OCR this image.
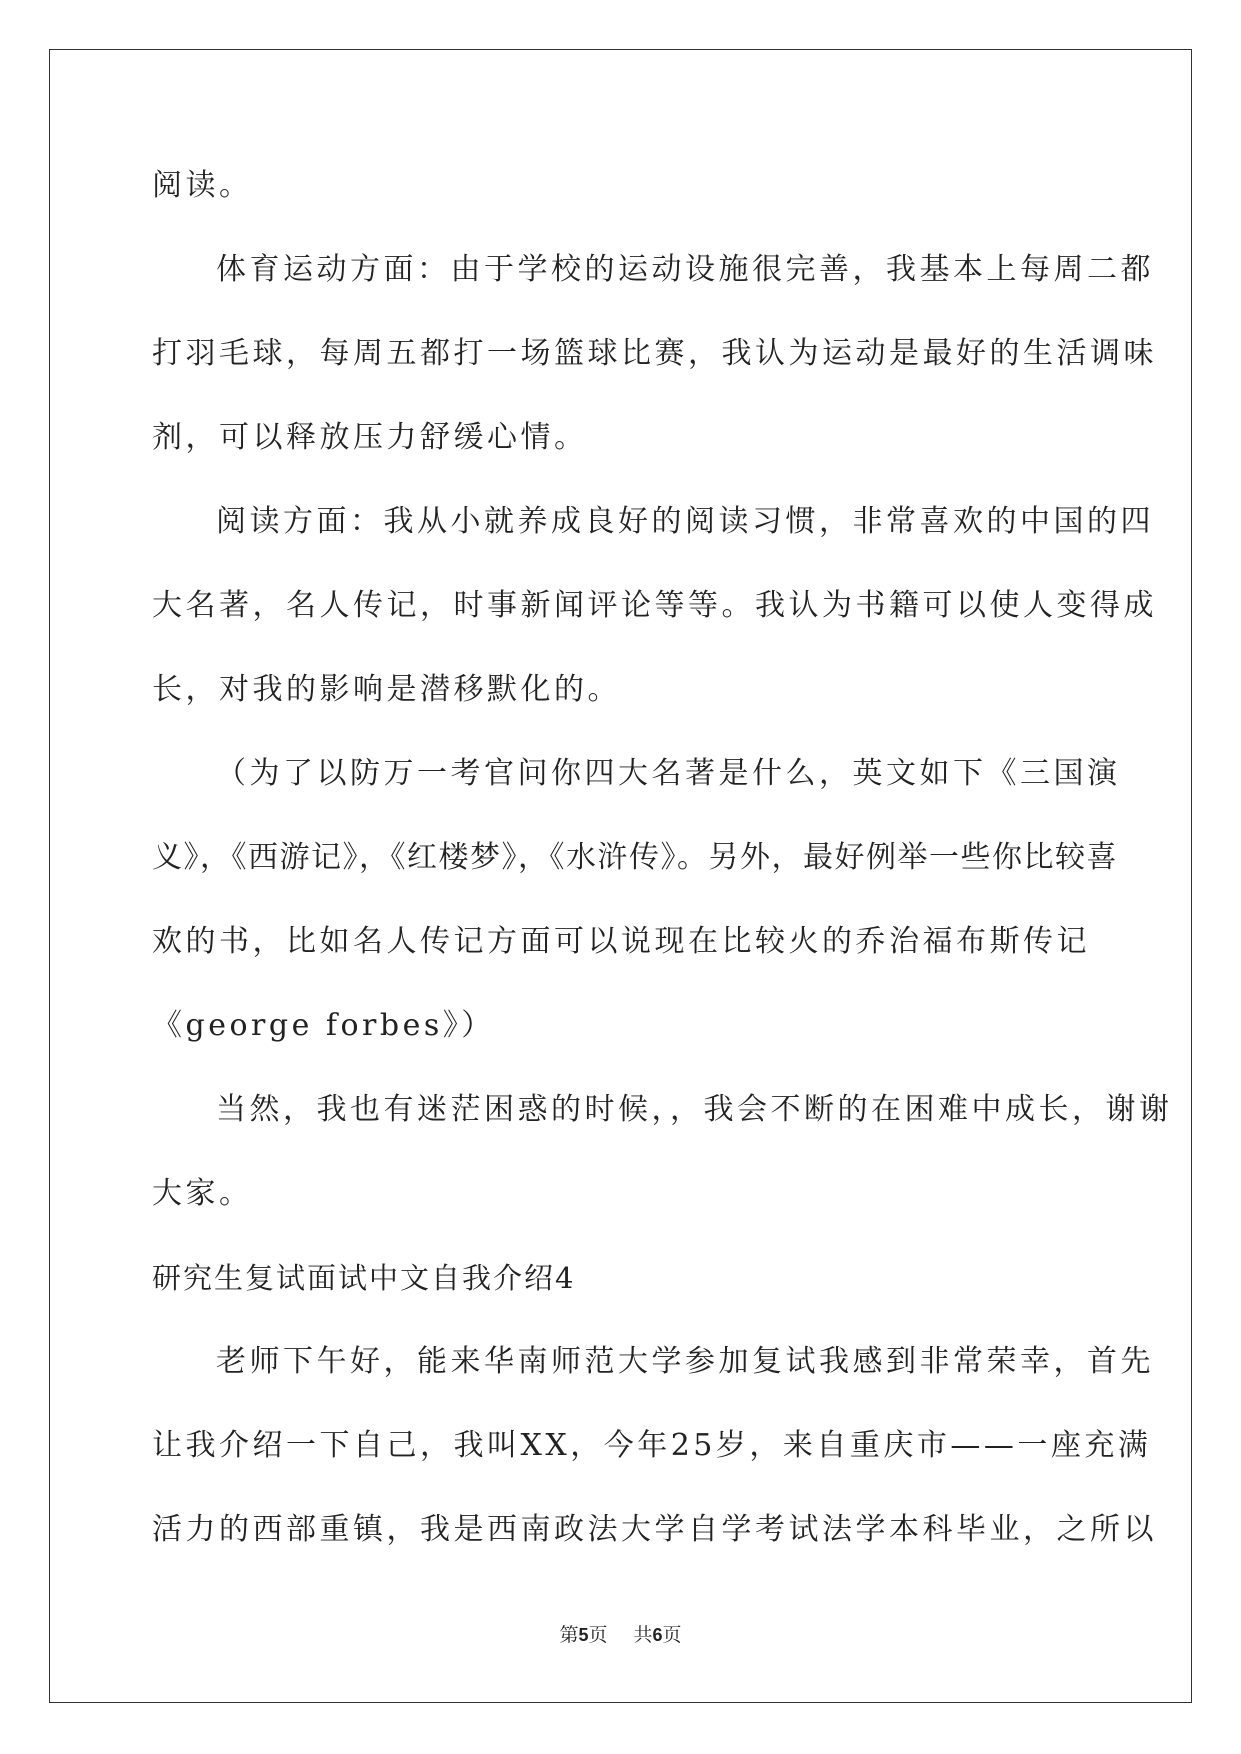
阅读。
体育运动方面：由于学校的运动设施很完善，我基本上每周二都
打羽毛球，每周五都打一场篮球比赛，我认为运动是最好的生活调味
剂，可以释放压力舒缓心情。
阅读方面：我从小就养成良好的阅读习惯，非常喜欢的中国的四
大名著，名人传记，时事新闻评论等等。我认为书籍可以使人变得成
长，对我的影响是潜移默化的。
（为了以防万一考官问你四大名著是什么，英文如下《三国演
义》，《西游记》，《红楼梦》，《水浒传》。另外，最好例举一些你比较喜
欢的书，比如名人传记方面可以说现在比较火的乔治福布斯传记
《george forbes》）
当然，我也有迷茫困惑的时候，，我会不断的在困难中成长，谢谢
大家。
研究生复试面试中文自我介绍4
老师下午好，能来华南师范大学参加复试我感到非常荣幸，首先
让我介绍一下自己，我叫XX，今年25岁，来自重庆市——一座充满
活力的西部重镇，我是西南政法大学自学考试法学本科毕业，之所以
第5页 共6页
